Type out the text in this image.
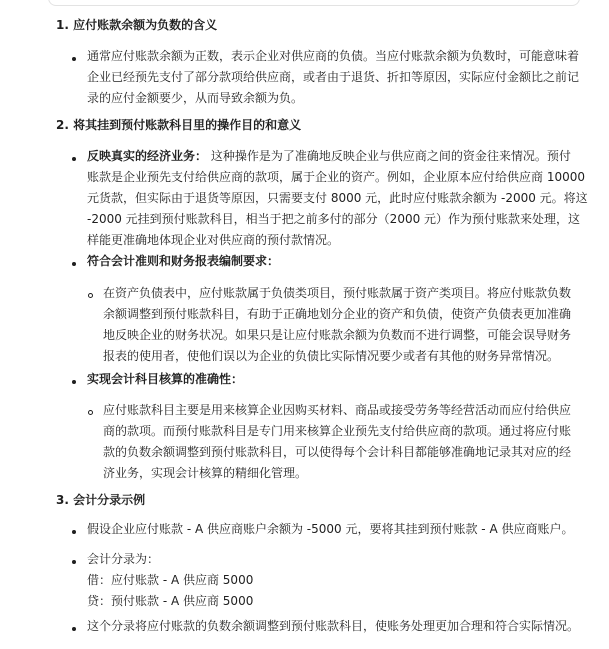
1. 应付账款余额为负数的含义
通常应付账款余额为正数，表示企业对供应商的负债。当应付账款余额为负数时，可能意味着
企业已经预先支付了部分款项给供应商，或者由于退货、折扣等原因，实际应付金额比之前记
录的应付金额要少，从而导致余额为负。
2. 将其挂到预付账款科目里的操作目的和意义
反映真实的经济业务： 这种操作是为了准确地反映企业与供应商之间的资金往来情况。预付
账款是企业预先支付给供应商的款项，属于企业的资产。例如，企业原本应付给供应商 10000
元货款，但实际由于退货等原因，只需要支付 8000 元，此时应付账款余额为 -2000 元。将这
-2000 元挂到预付账款科目，相当于把之前多付的部分（2000 元）作为预付账款来处理，这
样能更准确地体现企业对供应商的预付款情况。
符合会计准则和财务报表编制要求：
在资产负债表中，应付账款属于负债类项目，预付账款属于资产类项目。将应付账款负数
余额调整到预付账款科目，有助于正确地划分企业的资产和负债，使资产负债表更加准确
地反映企业的财务状况。如果只是让应付账款余额为负数而不进行调整，可能会误导财务
报表的使用者，使他们误以为企业的负债比实际情况要少或者有其他的财务异常情况。
实现会计科目核算的准确性：
应付账款科目主要是用来核算企业因购买材料、商品或接受劳务等经营活动而应付给供应
商的款项。而预付账款科目是专门用来核算企业预先支付给供应商的款项。通过将应付账
款的负数余额调整到预付账款科目，可以使得每个会计科目都能够准确地记录其对应的经
济业务，实现会计核算的精细化管理。
3. 会计分录示例
假设企业应付账款 - A 供应商账户余额为 -5000 元，要将其挂到预付账款 - A 供应商账户。
会计分录为：
借：应付账款 - A 供应商 5000
贷：预付账款 - A 供应商 5000
这个分录将应付账款的负数余额调整到预付账款科目，使账务处理更加合理和符合实际情况。
